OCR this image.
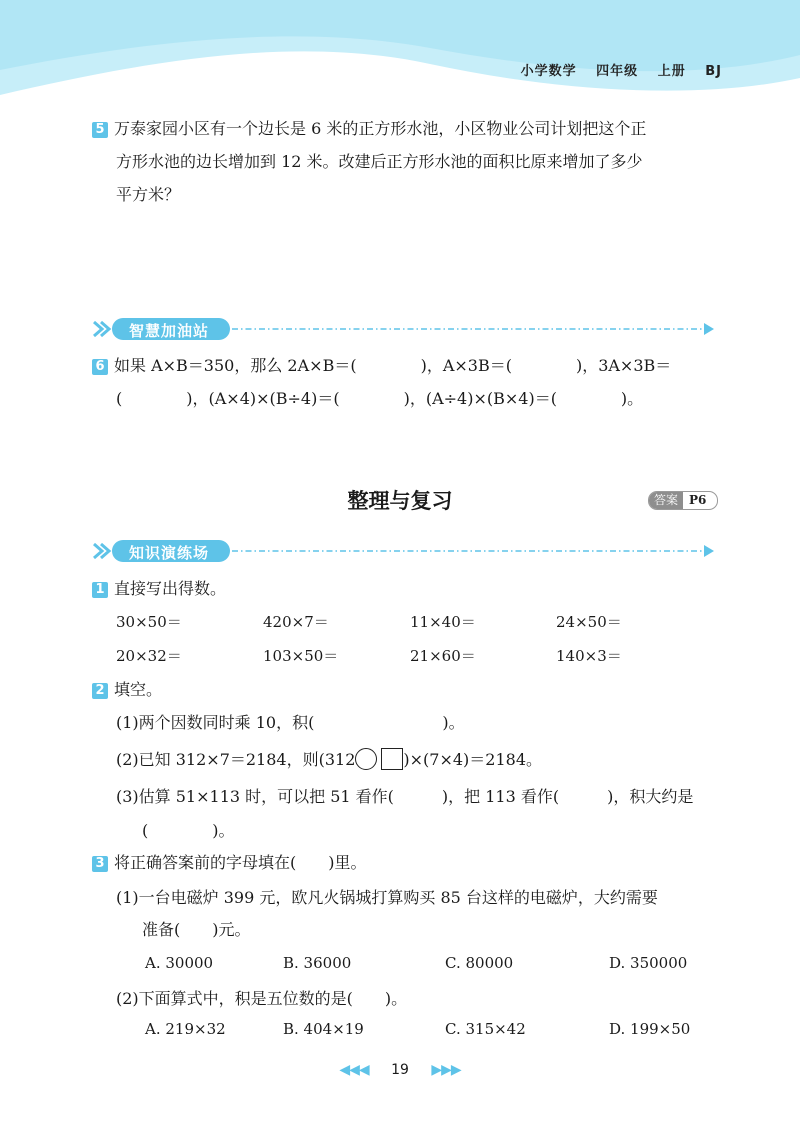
小学数学 四年级 上册 BJ
5 万泰家园小区有一个边长是 6 米的正方形水池，小区物业公司计划把这个正
方形水池的边长增加到 12 米。改建后正方形水池的面积比原来增加了多少
平方米？
智慧加油站
6 如果 A×B＝350，那么 2A×B＝(　　　　)，A×3B＝(　　　　)，3A×3B＝
(　　　　)，(A×4)×(B÷4)＝(　　　　)，(A÷4)×(B×4)＝(　　　　)。
整理与复习	答案 P6
知识演练场
1 直接写出得数。
30×50＝	420×7＝	11×40＝	24×50＝
20×32＝	103×50＝	21×60＝	140×3＝
2 填空。
(1)两个因数同时乘 10，积(　　　　　　　　)。
(2)已知 312×7＝2184，则(312	)×(7×4)＝2184。
(3)估算 51×113 时，可以把 51 看作(　　　)，把 113 看作(　　　)，积大约是
(　　　　)。
3 将正确答案前的字母填在(　　)里。
(1)一台电磁炉 399 元，欧凡火锅城打算购买 85 台这样的电磁炉，大约需要
准备(　　)元。
A. 30000	B. 36000	C. 80000	D. 350000
(2)下面算式中，积是五位数的是(　　)。
A. 219×32	B. 404×19	C. 315×42	D. 199×50
◀◀◀ 19 ▶▶▶
